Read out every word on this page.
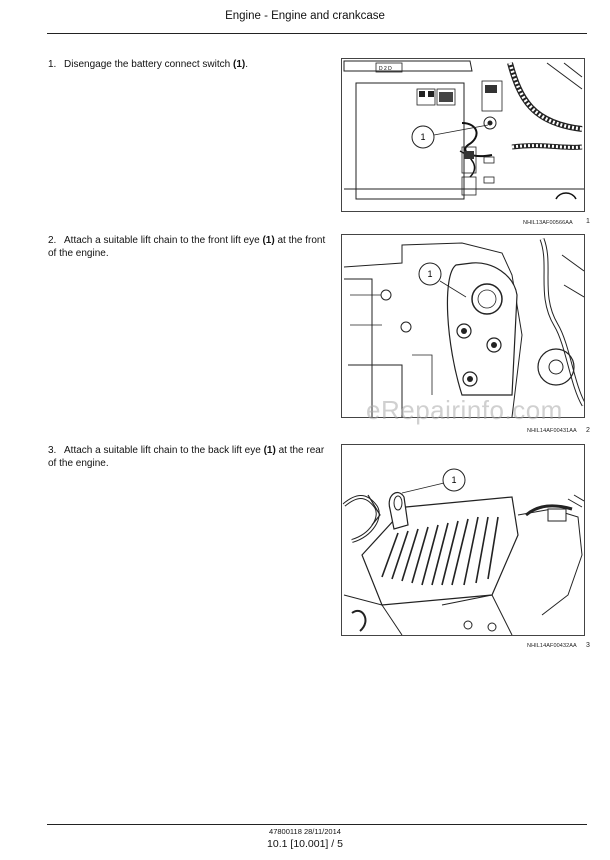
Engine - Engine and crankcase
1. Disengage the battery connect switch (1).	D 2 D
1
NHIL13AF00566AA 1
2. Attach a suitable lift chain to the front lift eye (1) at the front of the engine.
1
NHIL14AF00431AA 2
eRepairinfo.com
3. Attach a suitable lift chain to the back lift eye (1) at the rear of the engine.
1
NHIL14AF00432AA 3
47800118 28/11/2014
10.1 [10.001] / 5
